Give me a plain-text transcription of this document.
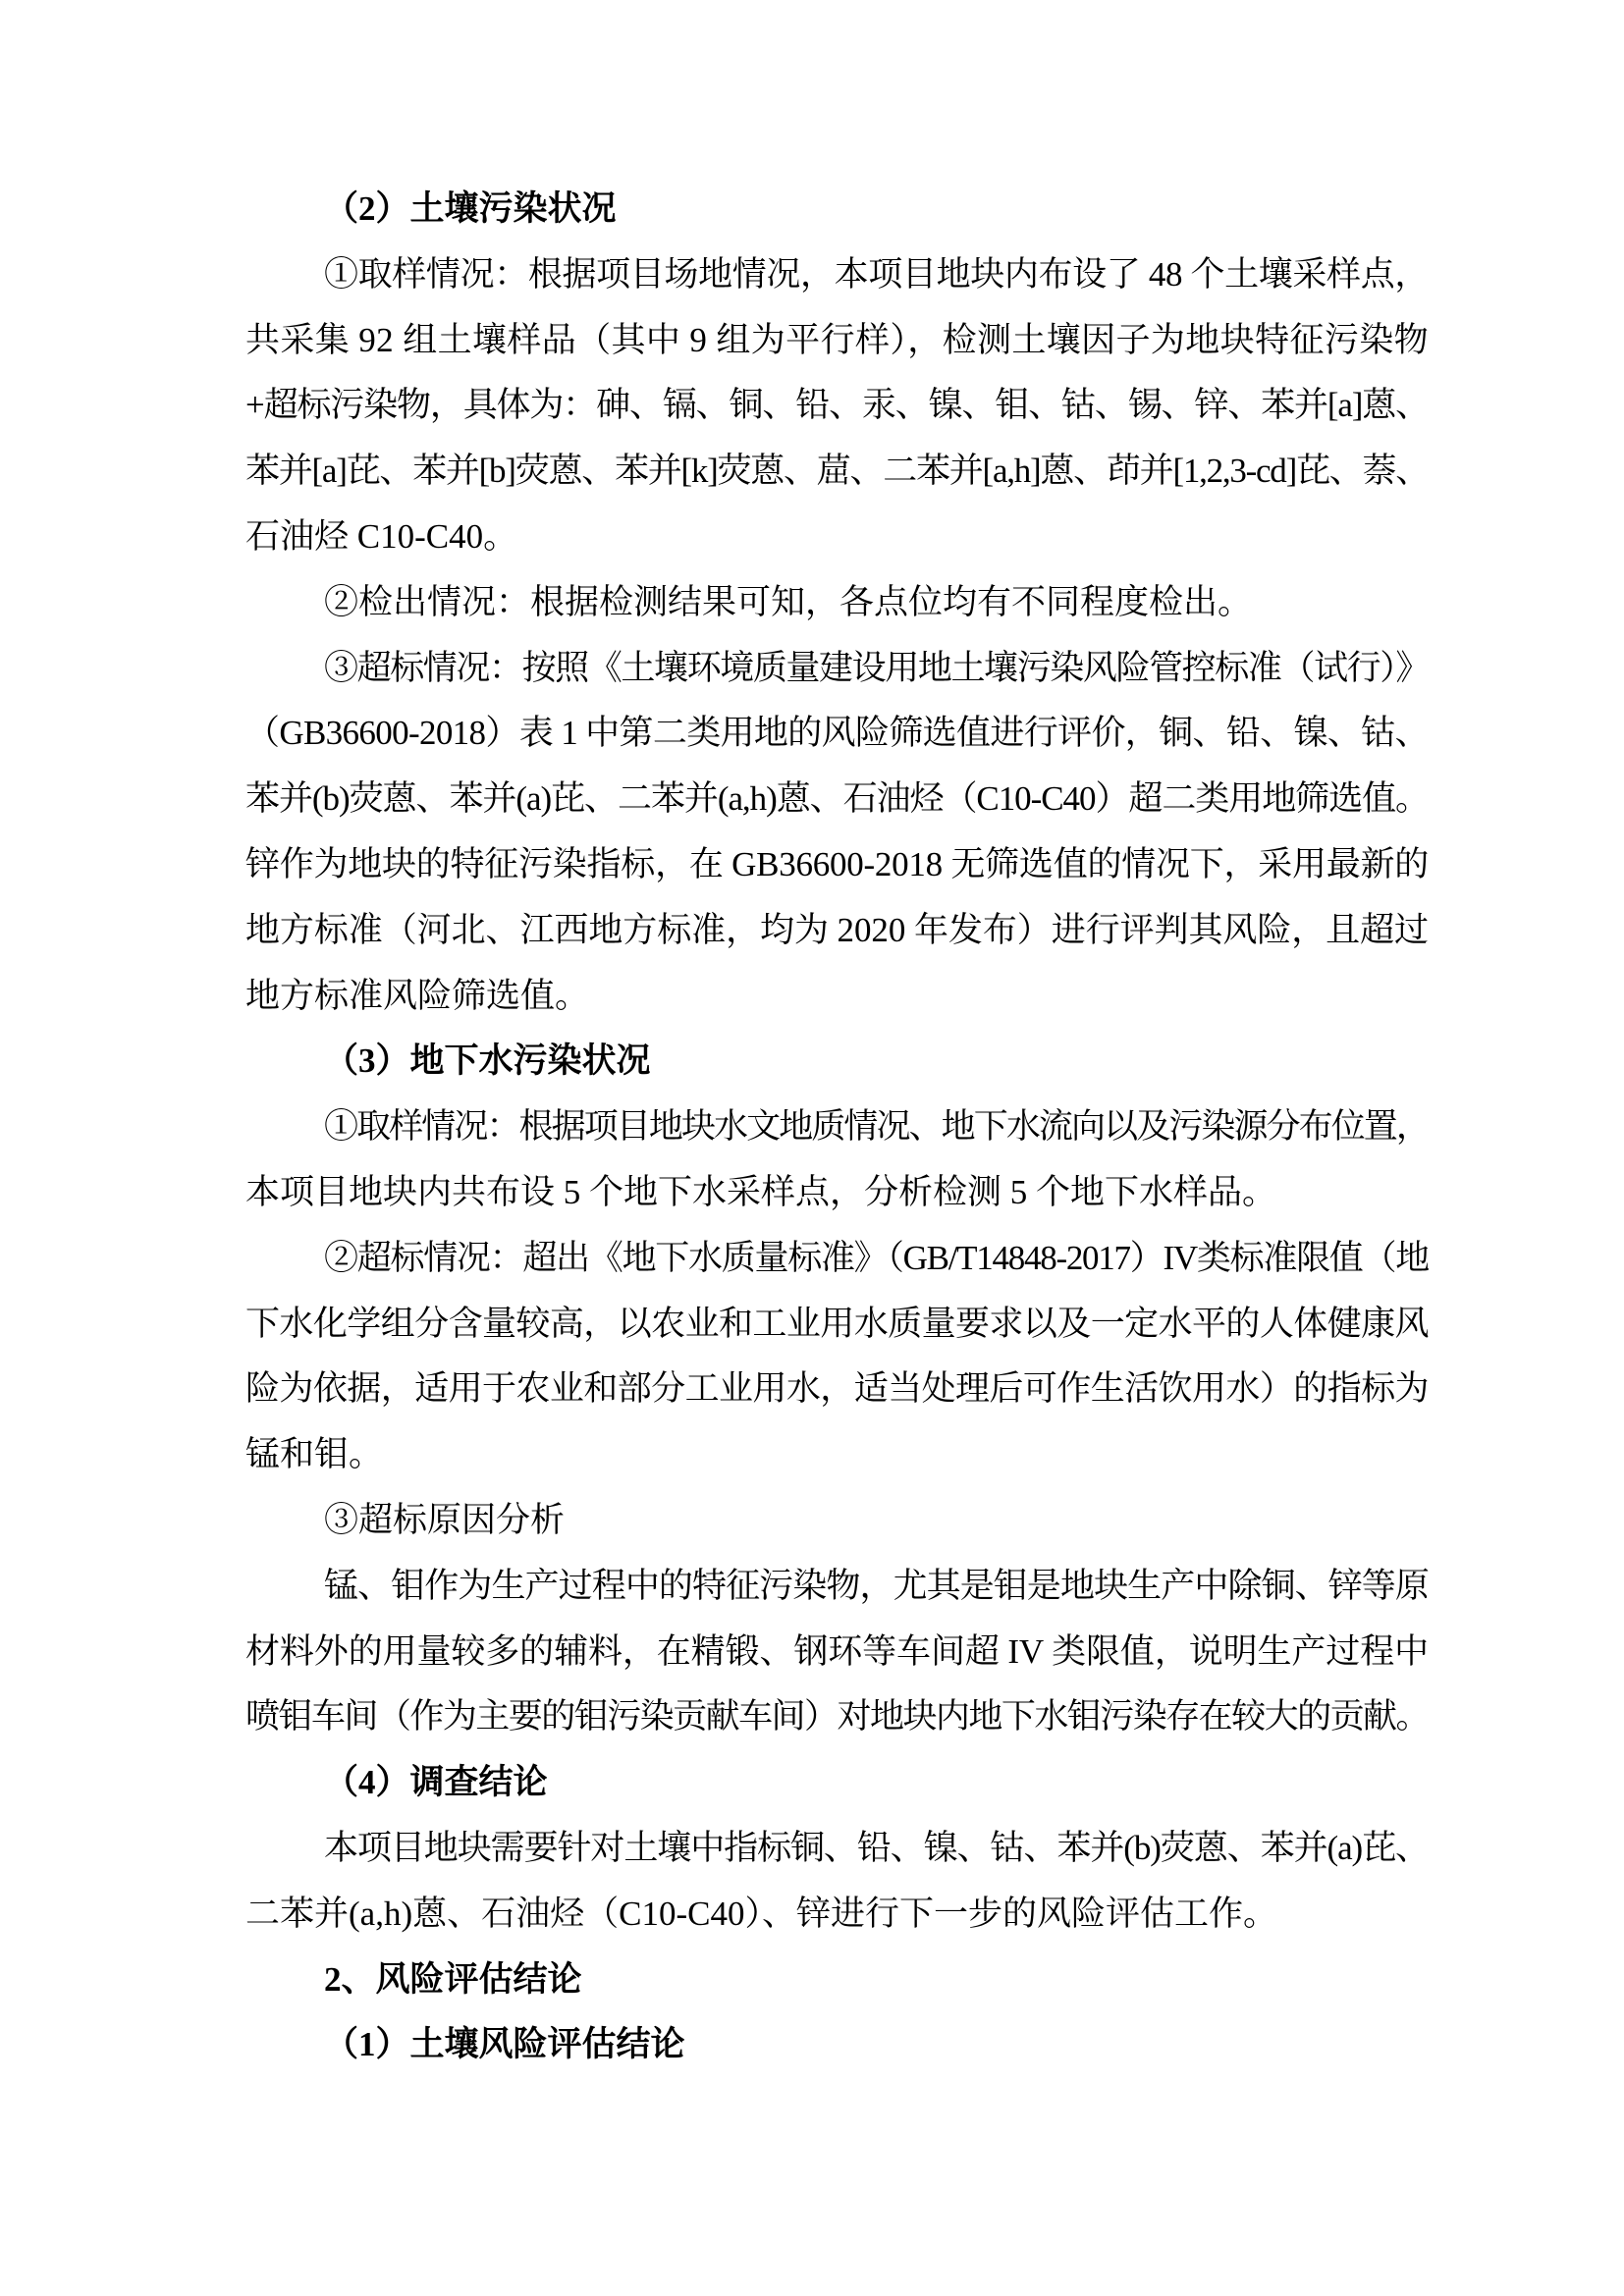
（2）土壤污染状况
①取样情况：根据项目场地情况，本项目地块内布设了 48 个土壤采样点，
共采集 92 组土壤样品（其中 9 组为平行样），检测土壤因子为地块特征污染物
+超标污染物，具体为：砷、镉、铜、铅、汞、镍、钼、钴、锡、锌、苯并[a]蒽、
苯并[a]芘、苯并[b]荧蒽、苯并[k]荧蒽、䓛、二苯并[a,h]蒽、茚并[1,2,3-cd]芘、萘、
石油烃 C10-C40。
②检出情况：根据检测结果可知，各点位均有不同程度检出。
③超标情况：按照《土壤环境质量建设用地土壤污染风险管控标准（试行）》
（GB36600-2018）表 1 中第二类用地的风险筛选值进行评价，铜、铅、镍、钴、
苯并(b)荧蒽、苯并(a)芘、二苯并(a,h)蒽、石油烃（C10-C40）超二类用地筛选值。
锌作为地块的特征污染指标，在 GB36600-2018 无筛选值的情况下，采用最新的
地方标准（河北、江西地方标准，均为 2020 年发布）进行评判其风险，且超过
地方标准风险筛选值。
（3）地下水污染状况
①取样情况：根据项目地块水文地质情况、地下水流向以及污染源分布位置，
本项目地块内共布设 5 个地下水采样点，分析检测 5 个地下水样品。
②超标情况：超出《地下水质量标准》（GB/T14848-2017）IV类标准限值（地
下水化学组分含量较高，以农业和工业用水质量要求以及一定水平的人体健康风
险为依据，适用于农业和部分工业用水，适当处理后可作生活饮用水）的指标为
锰和钼。
③超标原因分析
锰、钼作为生产过程中的特征污染物，尤其是钼是地块生产中除铜、锌等原
材料外的用量较多的辅料，在精锻、钢环等车间超 IV 类限值，说明生产过程中
喷钼车间（作为主要的钼污染贡献车间）对地块内地下水钼污染存在较大的贡献。
（4）调查结论
本项目地块需要针对土壤中指标铜、铅、镍、钴、苯并(b)荧蒽、苯并(a)芘、
二苯并(a,h)蒽、石油烃（C10-C40）、锌进行下一步的风险评估工作。
2、风险评估结论
（1）土壤风险评估结论
